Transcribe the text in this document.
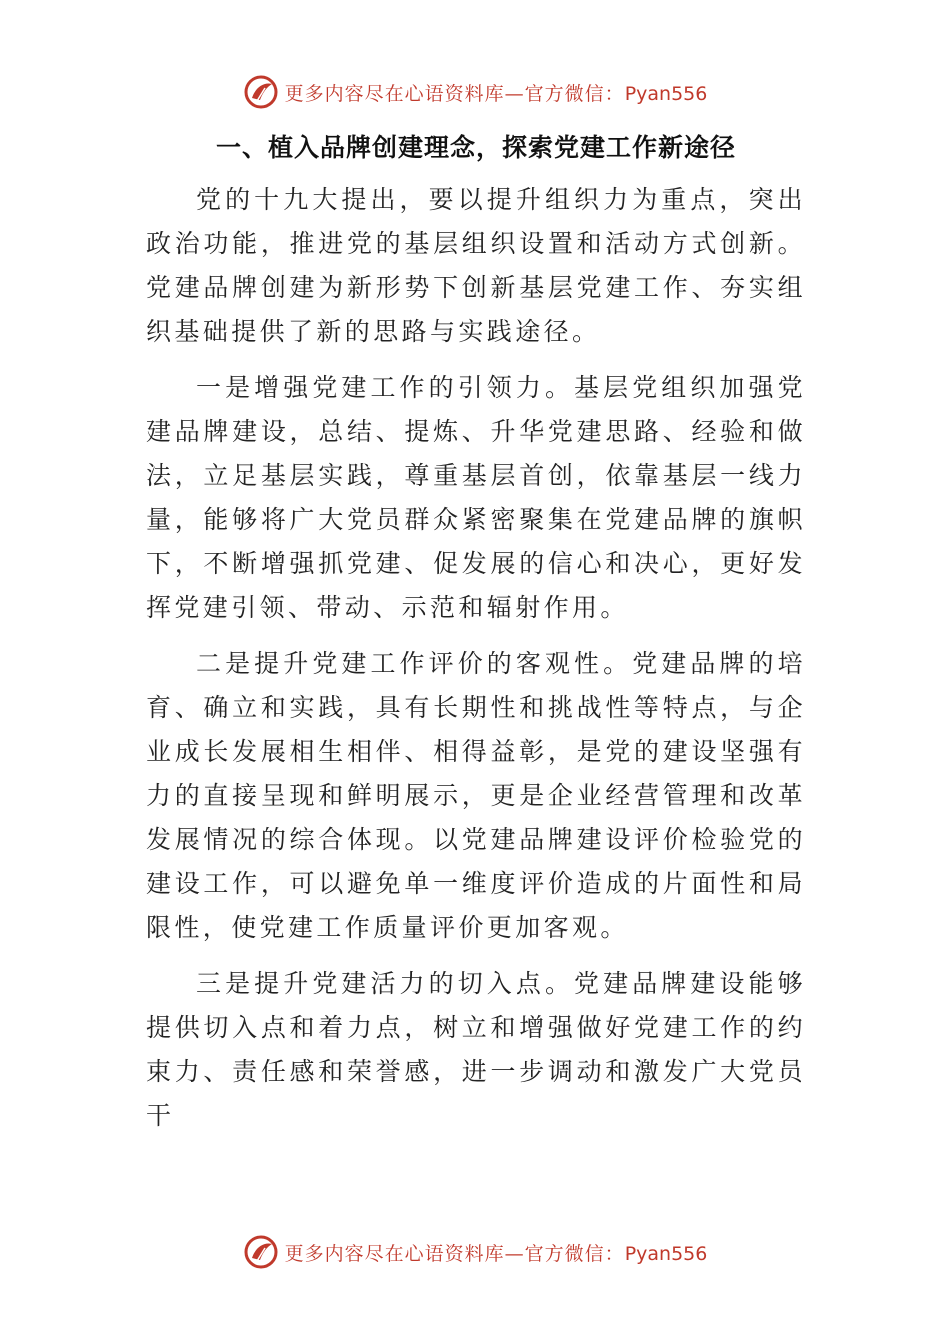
更多内容尽在心语资料库—官方微信：Pyan556
一、植入品牌创建理念，探索党建工作新途径

党的十九大提出，要以提升组织力为重点，突出政治功能，推进党的基层组织设置和活动方式创新。党建品牌创建为新形势下创新基层党建工作、夯实组织基础提供了新的思路与实践途径。

一是增强党建工作的引领力。基层党组织加强党建品牌建设，总结、提炼、升华党建思路、经验和做法，立足基层实践，尊重基层首创，依靠基层一线力量，能够将广大党员群众紧密聚集在党建品牌的旗帜下，不断增强抓党建、促发展的信心和决心，更好发挥党建引领、带动、示范和辐射作用。

二是提升党建工作评价的客观性。党建品牌的培育、确立和实践，具有长期性和挑战性等特点，与企业成长发展相生相伴、相得益彰，是党的建设坚强有力的直接呈现和鲜明展示，更是企业经营管理和改革发展情况的综合体现。以党建品牌建设评价检验党的建设工作，可以避免单一维度评价造成的片面性和局限性，使党建工作质量评价更加客观。

三是提升党建活力的切入点。党建品牌建设能够提供切入点和着力点，树立和增强做好党建工作的约束力、责任感和荣誉感，进一步调动和激发广大党员干

更多内容尽在心语资料库—官方微信：Pyan556
